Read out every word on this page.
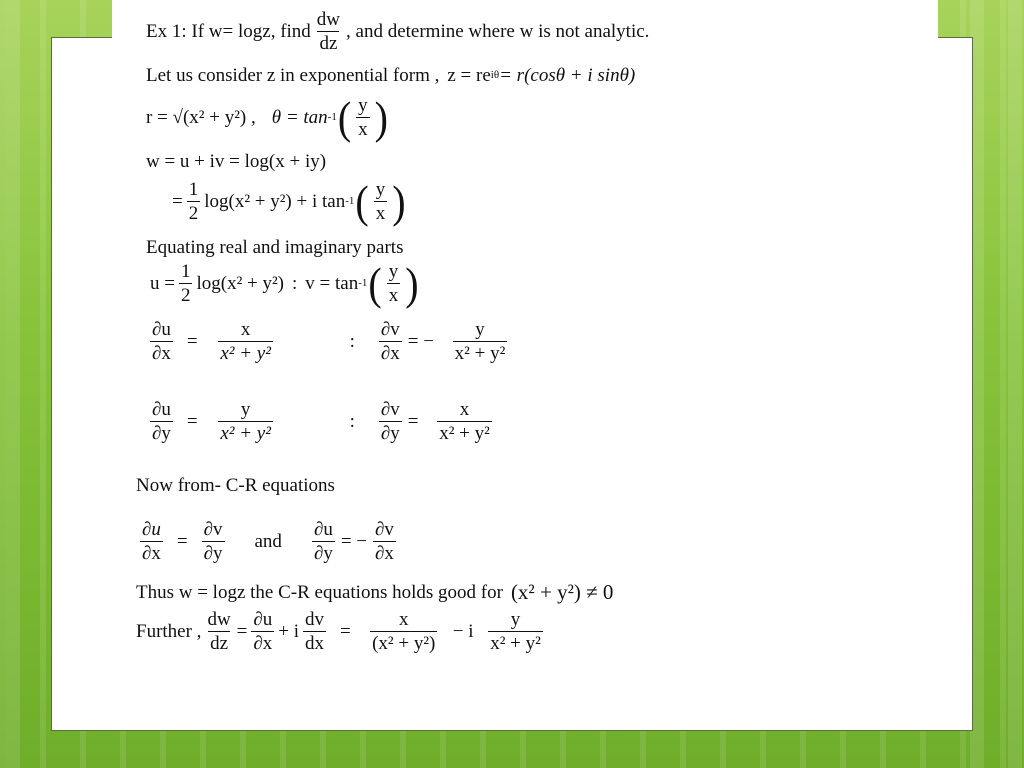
Ex 1: If w= logz, find $\frac{dw}{dz}$ , and determine where w is not analytic.
Let us consider z in exponential form , z = re iθ = r(cosθ + i sinθ)
r = √(x² + y²) , θ = tan -1 ( $\frac{y}{x}$ )
w = u + iv = log(x + iy)
= $\frac{1}{2} \log(x^2 + y^2) + i$ tan -1 ( $\frac{y}{x}$ )
Equating real and imaginary parts
$u = \frac{1}{2} \log(x^2 + y^2)$ : v = tan -1 ( $\frac{y}{x}$ )
$\frac{\partial u}{\partial x} = \frac{x}{\text{x² + y²}}$	: $\frac{\partial v}{\partial x}$ = − $\frac{y}{\text{x² + y²}}$
$\frac{\partial u}{\partial y} = \frac{y}{\text{x² + y²}}$	: $\frac{\partial v}{\partial y} = \frac{x}{\text{x² + y²}}$
Now from- C-R equations
$\frac{\partial u}{\partial x} = \frac{\partial v}{\partial y}$ and $\frac{\partial u}{\partial y}$ = − $\frac{\partial v}{\partial x}$
Thus w = logz the C-R equations holds good for (x² + y²) ≠ 0
Further , $\frac{dw}{dz} = \frac{\partial u}{\partial x} + i \frac{dv}{dx} = \frac{x}{\text{(x² + y²)}} - i \frac{y}{\text{x² + y²}}$
